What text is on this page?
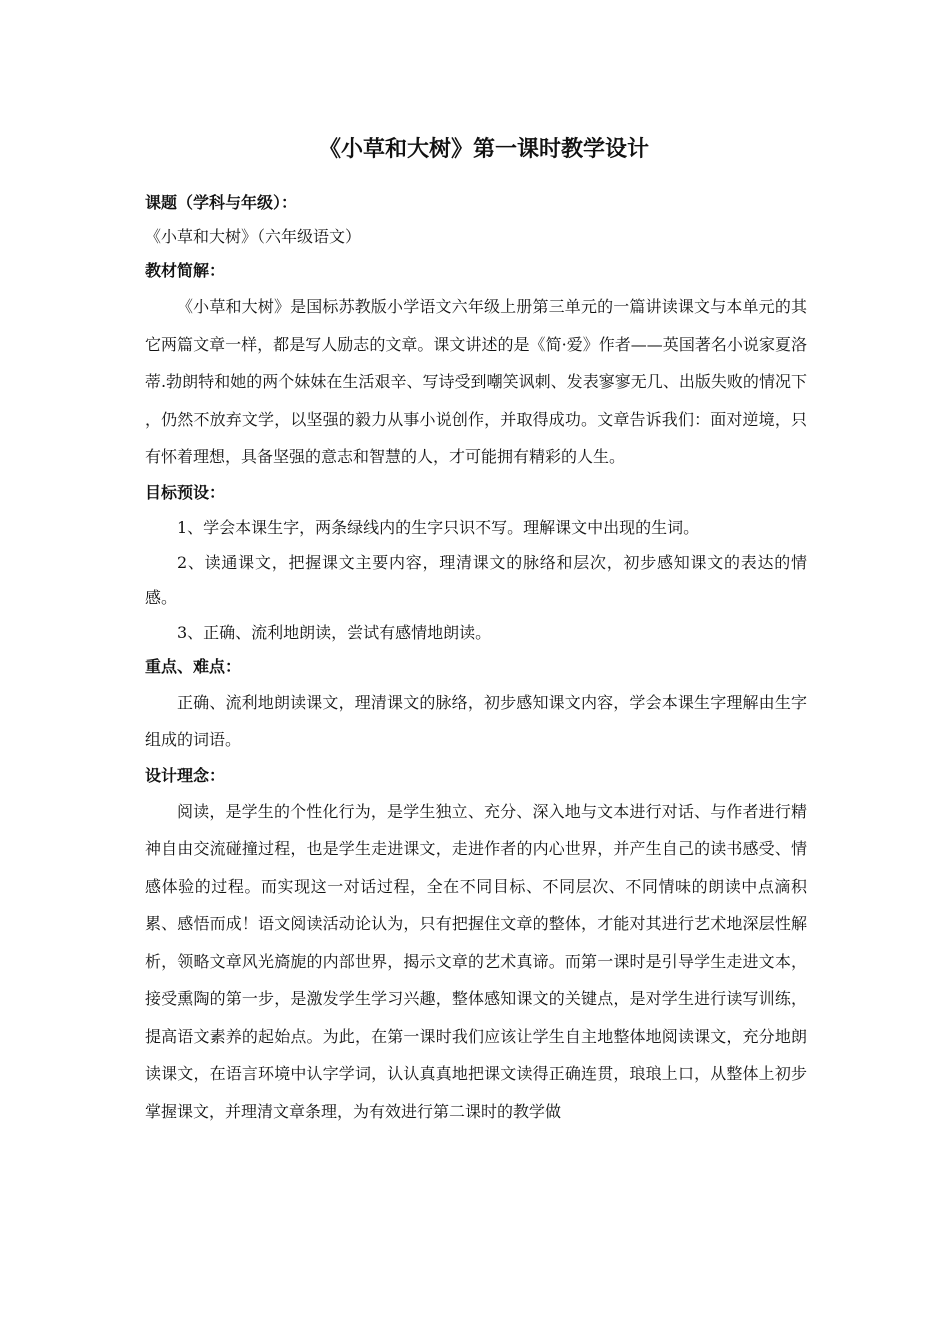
《小草和大树》第一课时教学设计
课题（学科与年级）：
《小草和大树》（六年级语文）
教材简解：
《小草和大树》是国标苏教版小学语文六年级上册第三单元的一篇讲读课文与本单元的其它两篇文章一样，都是写人励志的文章。课文讲述的是《简·爱》作者——英国著名小说家夏洛蒂.勃朗特和她的两个妹妹在生活艰辛、写诗受到嘲笑讽刺、发表寥寥无几、出版失败的情况下 ，仍然不放弃文学，以坚强的毅力从事小说创作，并取得成功。文章告诉我们：面对逆境，只有怀着理想，具备坚强的意志和智慧的人，才可能拥有精彩的人生。
目标预设：
1、学会本课生字，两条绿线内的生字只识不写。理解课文中出现的生词。
2、读通课文，把握课文主要内容，理清课文的脉络和层次，初步感知课文的表达的情感。
3、正确、流利地朗读，尝试有感情地朗读。
重点、难点：
正确、流利地朗读课文，理清课文的脉络，初步感知课文内容，学会本课生字理解由生字组成的词语。
设计理念：
阅读，是学生的个性化行为，是学生独立、充分、深入地与文本进行对话、与作者进行精神自由交流碰撞过程，也是学生走进课文，走进作者的内心世界，并产生自己的读书感受、情感体验的过程。而实现这一对话过程，全在不同目标、不同层次、不同情味的朗读中点滴积累、感悟而成！语文阅读活动论认为，只有把握住文章的整体，才能对其进行艺术地深层性解析，领略文章风光旖旎的内部世界，揭示文章的艺术真谛。而第一课时是引导学生走进文本，接受熏陶的第一步，是激发学生学习兴趣，整体感知课文的关键点，是对学生进行读写训练，提高语文素养的起始点。为此，在第一课时我们应该让学生自主地整体地阅读课文，充分地朗读课文，在语言环境中认字学词，认认真真地把课文读得正确连贯，琅琅上口，从整体上初步掌握课文，并理清文章条理，为有效进行第二课时的教学做
